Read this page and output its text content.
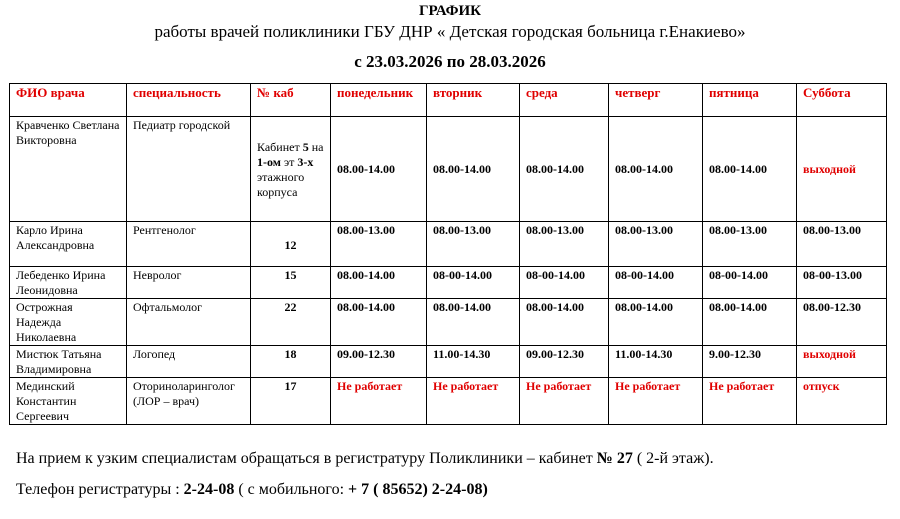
ГРАФИК
работы врачей поликлиники ГБУ ДНР « Детская городская больница г.Енакиево»
с 23.03.2026 по 28.03.2026
ФИО врача	специальность	№ каб	понедельник	вторник	среда	четверг	пятница	Суббота
Кравченко Светлана Викторовна	Педиатр городской	Кабинет 5 на 1-ом эт 3-х этажного корпуса	08.00-14.00	08.00-14.00	08.00-14.00	08.00-14.00	08.00-14.00	выходной
Карло Ирина Александровна	Рентгенолог	12	08.00-13.00	08.00-13.00	08.00-13.00	08.00-13.00	08.00-13.00	08.00-13.00
Лебеденко Ирина Леонидовна	Невролог	15	08.00-14.00	08-00-14.00	08-00-14.00	08-00-14.00	08-00-14.00	08-00-13.00
Острожная Надежда Николаевна	Офтальмолог	22	08.00-14.00	08.00-14.00	08.00-14.00	08.00-14.00	08.00-14.00	08.00-12.30
Мистюк Татьяна Владимировна	Логопед	18	09.00-12.30	11.00-14.30	09.00-12.30	11.00-14.30	9.00-12.30	выходной
Мединский Константин Сергеевич	Оториноларинголог (ЛОР – врач)	17	Не работает	Не работает	Не работает	Не работает	Не работает	отпуск
На прием к узким специалистам обращаться в регистратуру Поликлиники – кабинет № 27 ( 2-й этаж).
Телефон регистратуры : 2-24-08 ( с мобильного: + 7 ( 85652) 2-24-08)
